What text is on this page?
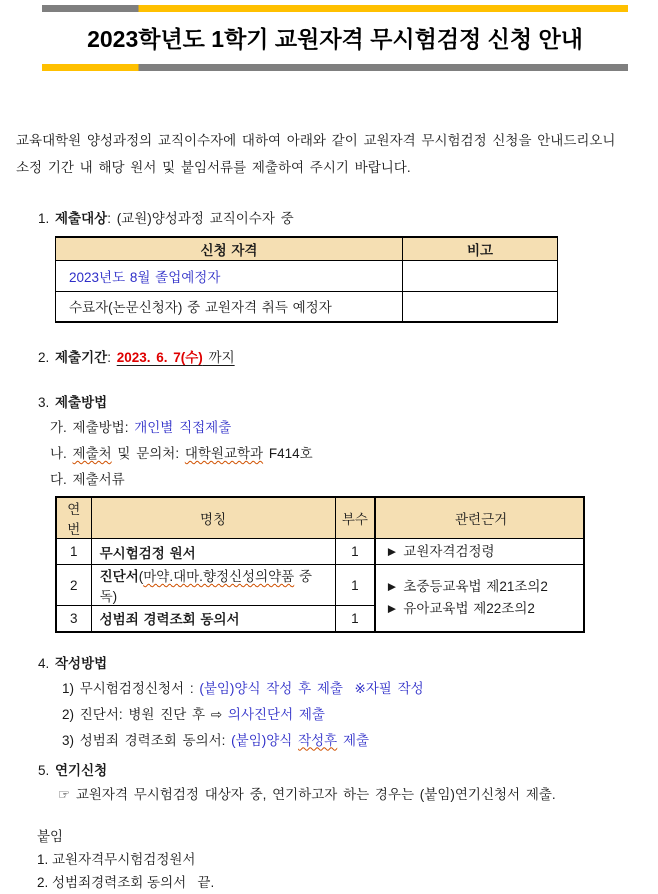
2023학년도 1학기 교원자격 무시험검정 신청 안내
교육대학원 양성과정의 교직이수자에 대하여 아래와 같이 교원자격 무시험검정 신청을 안내드리오니
소정 기간 내 해당 원서 및 붙임서류를 제출하여 주시기 바랍니다.
1. 제출대상: (교원)양성과정 교직이수자 중
신청 자격	비고
2023년도 8월 졸업예정자	
수료자(논문신청자) 중 교원자격 취득 예정자	
2. 제출기간: 2023. 6. 7(수) 까지
3. 제출방법
가. 제출방법: 개인별 직접제출
나. 제출처 및 문의처: 대학원교학과 F414호
다. 제출서류
연번	명칭	부수	관련근거
1	무시험검정 원서	1	► 교원자격검정령
2	진단서(마약.대마.향정신성의약품 중독)	1	► 초중등교육법 제21조의2
► 유아교육법 제22조의2

3	성범죄 경력조회 동의서	1	
4. 작성방법
1) 무시험검정신청서 : (붙임)양식 작성 후 제출  ※자필 작성
2) 진단서: 병원 진단 후 ⇨ 의사진단서 제출
3) 성범죄 경력조회 동의서: (붙임)양식 작성후 제출
5. 연기신청
☞ 교원자격 무시험검정 대상자 중, 연기하고자 하는 경우는 (붙임)연기신청서 제출.
붙임
1. 교원자격무시험검정원서
2. 성범죄경력조회 동의서   끝.
